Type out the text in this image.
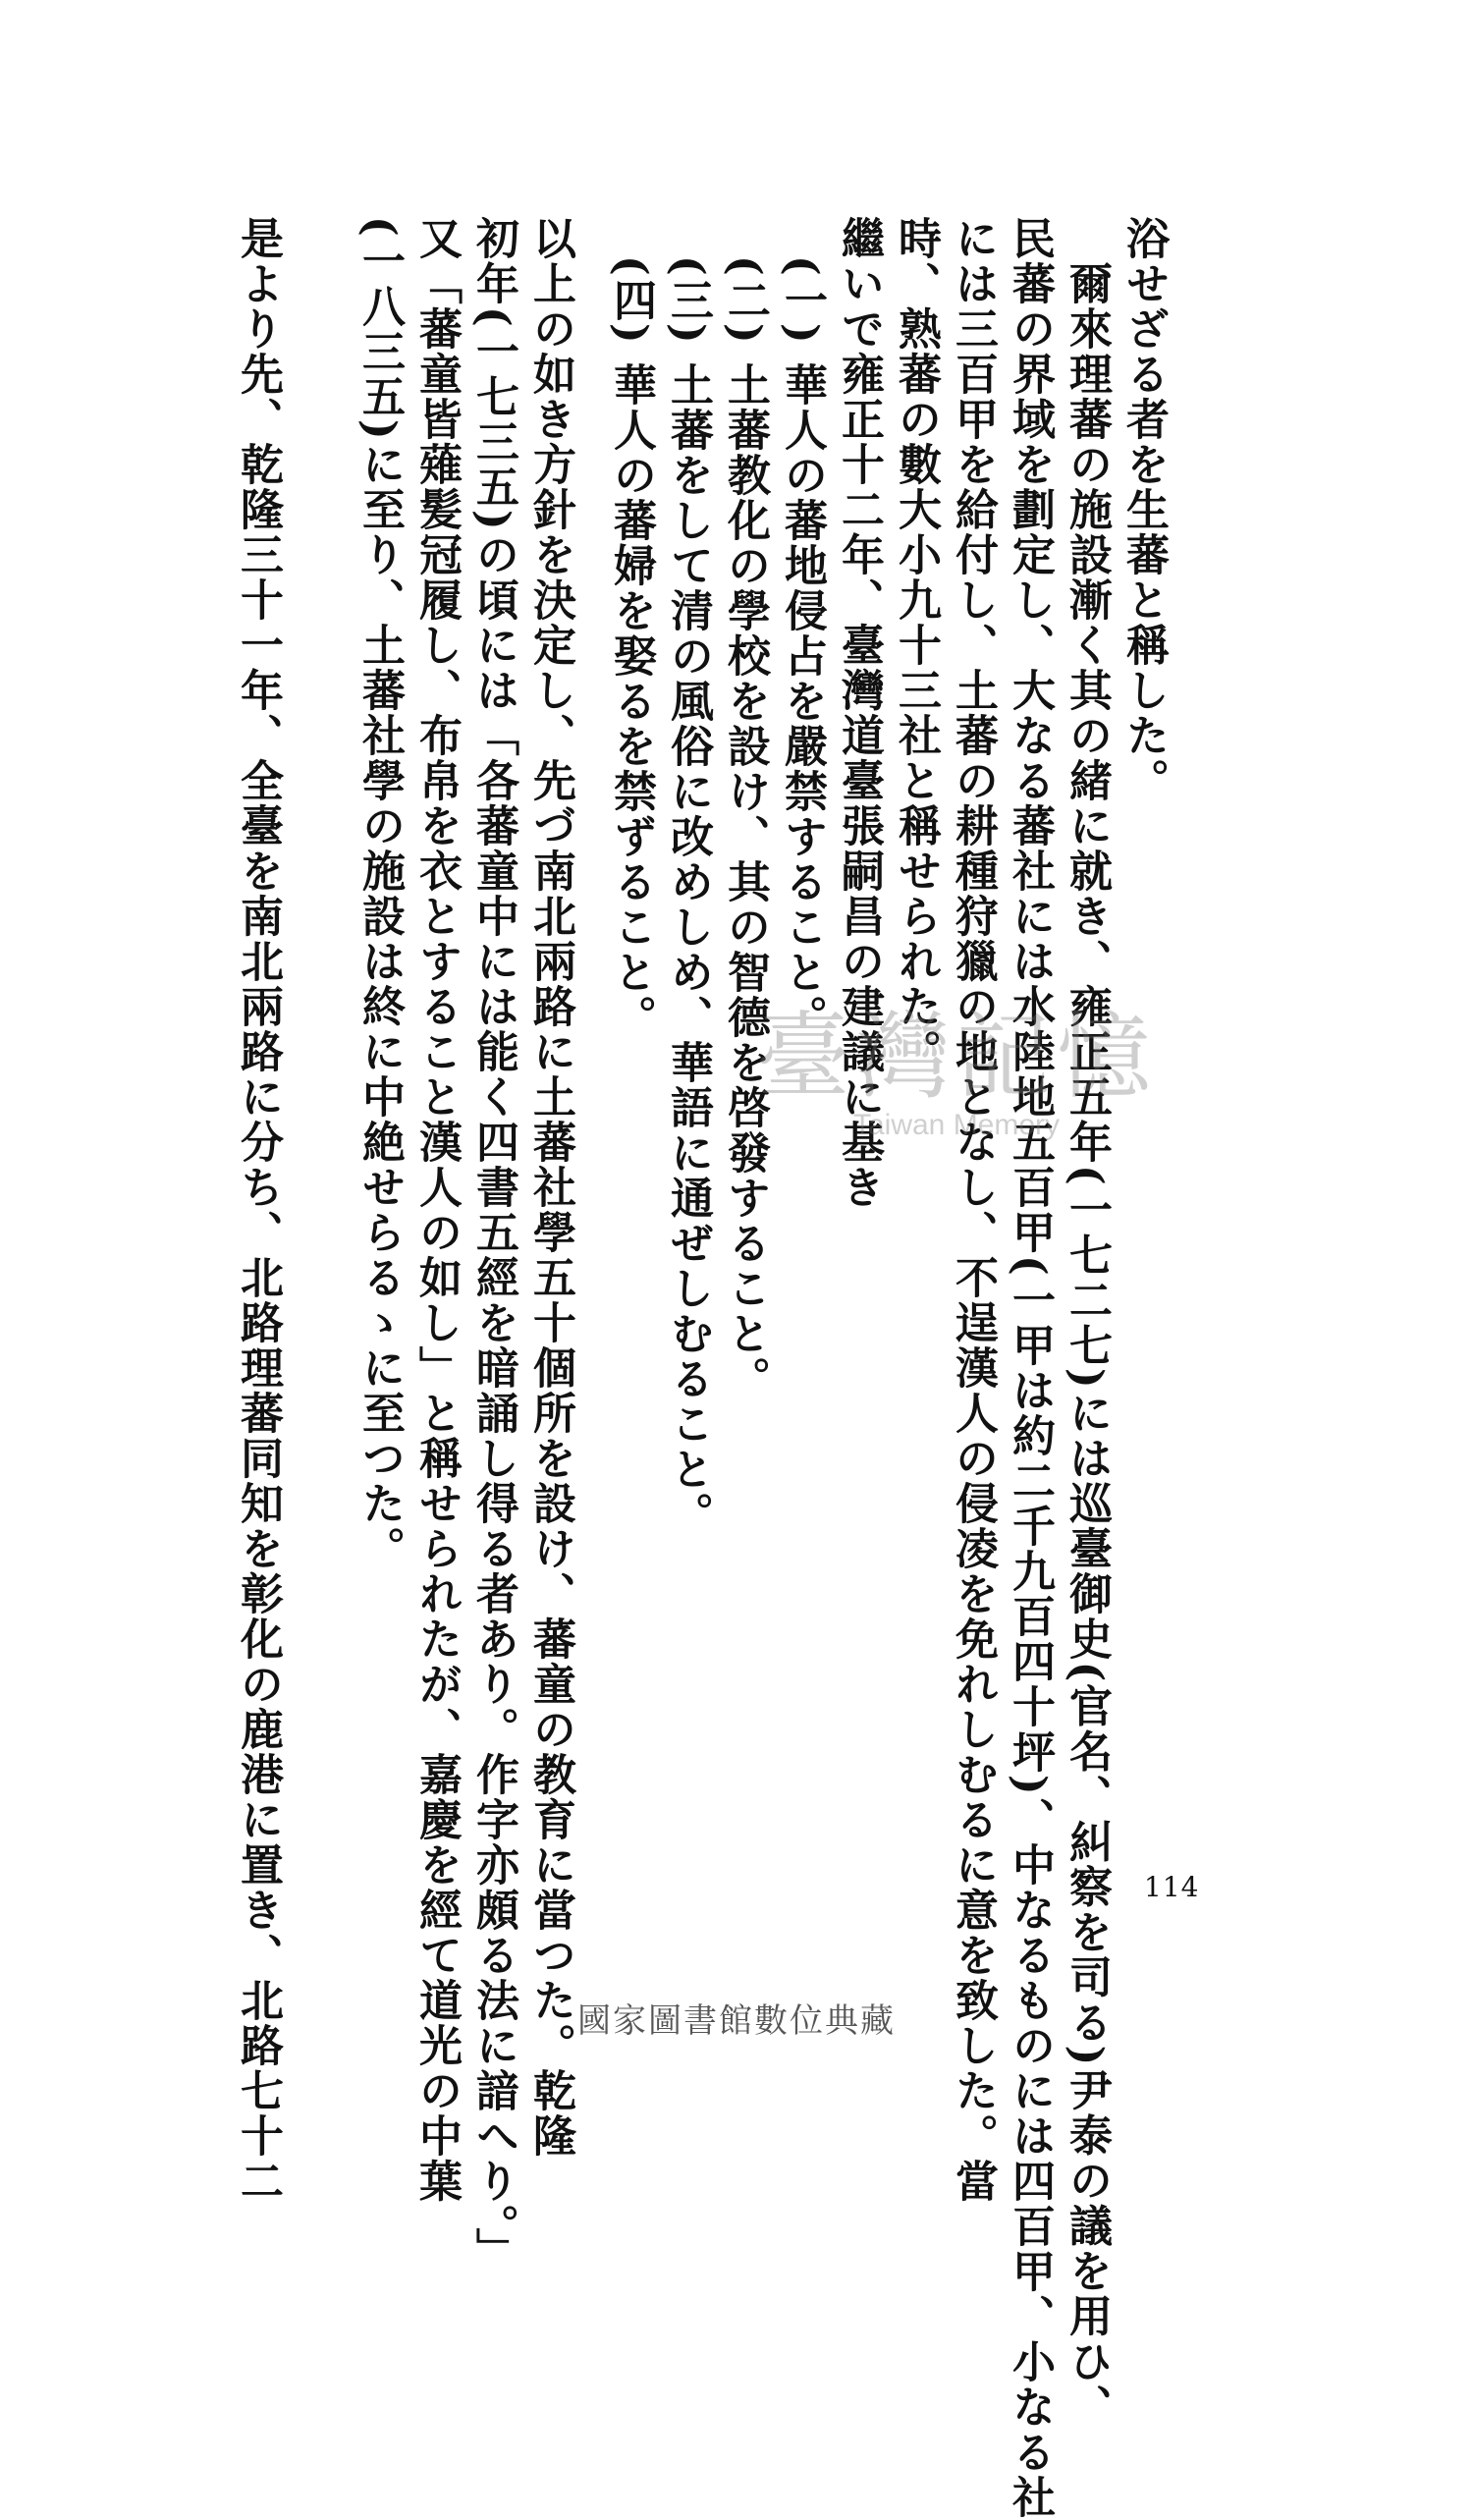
浴せざる者を生蕃と稱した。
爾來理蕃の施設漸く其の緒に就き、雍正五年(一七二七)には巡臺御史(官名、糾察を司る)尹泰の議を用ひ、
民蕃の界域を劃定し、大なる蕃社には水陸地五百甲(一甲は約二千九百四十坪)、中なるものには四百甲、小なる社
には三百甲を給付し、土蕃の耕種狩獵の地となし、不逞漢人の侵凌を免れしむるに意を致した。當
時、熟蕃の數大小九十三社と稱せられた。
繼いで雍正十二年、臺灣道臺張嗣昌の建議に基き
(一) 華人の蕃地侵占を嚴禁すること。
(二) 土蕃教化の學校を設け、其の智德を啓發すること。
(三) 土蕃をして清の風俗に改めしめ、華語に通ぜしむること。
(四) 華人の蕃婦を娶るを禁ずること。
以上の如き方針を決定し、先づ南北兩路に土蕃社學五十個所を設け、蕃童の教育に當つた。乾隆
初年(一七三五)の頃には「各蕃童中には能く四書五經を暗誦し得る者あり。作字亦頗る法に諳へり。」
又「蕃童皆薙髪冠履し、布帛を衣とすること漢人の如し」と稱せられたが、嘉慶を經て道光の中葉
(一八三五)に至り、土蕃社學の施設は終に中絶せらるゝに至つた。
是より先、乾隆三十一年、全臺を南北兩路に分ち、北路理蕃同知を彰化の鹿港に置き、北路七十二	臺灣記憶
Taiwan Memory
114
國家圖書館數位典藏
